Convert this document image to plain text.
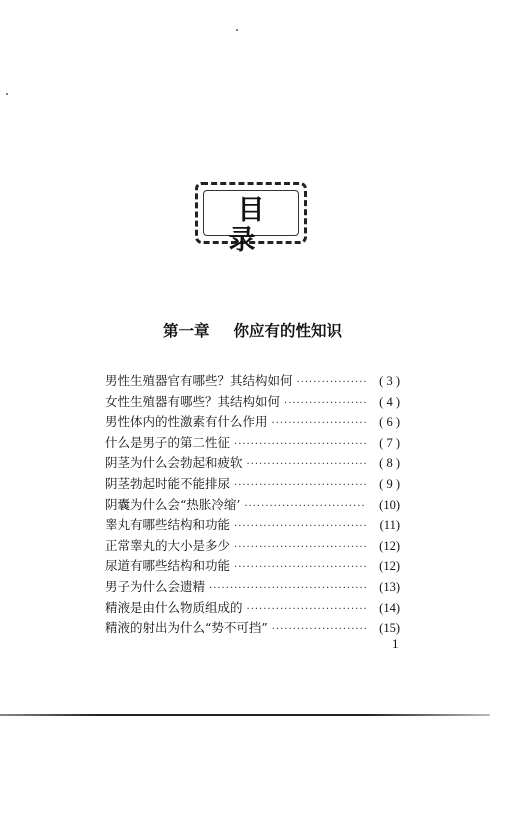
目录
第一章 你应有的性知识
男性生殖器官有哪些？其结构如何 ·····	( 3 )
女性生殖器有哪些？其结构如何 ·····	( 4 )
男性体内的性激素有什么作用 ·····	( 6 )
什么是男子的第二性征 ·····	( 7 )
阴茎为什么会勃起和疲软 ·····	( 8 )
阴茎勃起时能不能排尿 ·····	( 9 )
阴囊为什么会“热胀冷缩’ ·····	(10)
睾丸有哪些结构和功能 ·····	(11)
正常睾丸的大小是多少 ·····	(12)
尿道有哪些结构和功能 ·····	(12)
男子为什么会遗精 ·····	(13)
精液是由什么物质组成的 ·····	(14)
精液的射出为什么“势不可挡” ·····	(15)
1
